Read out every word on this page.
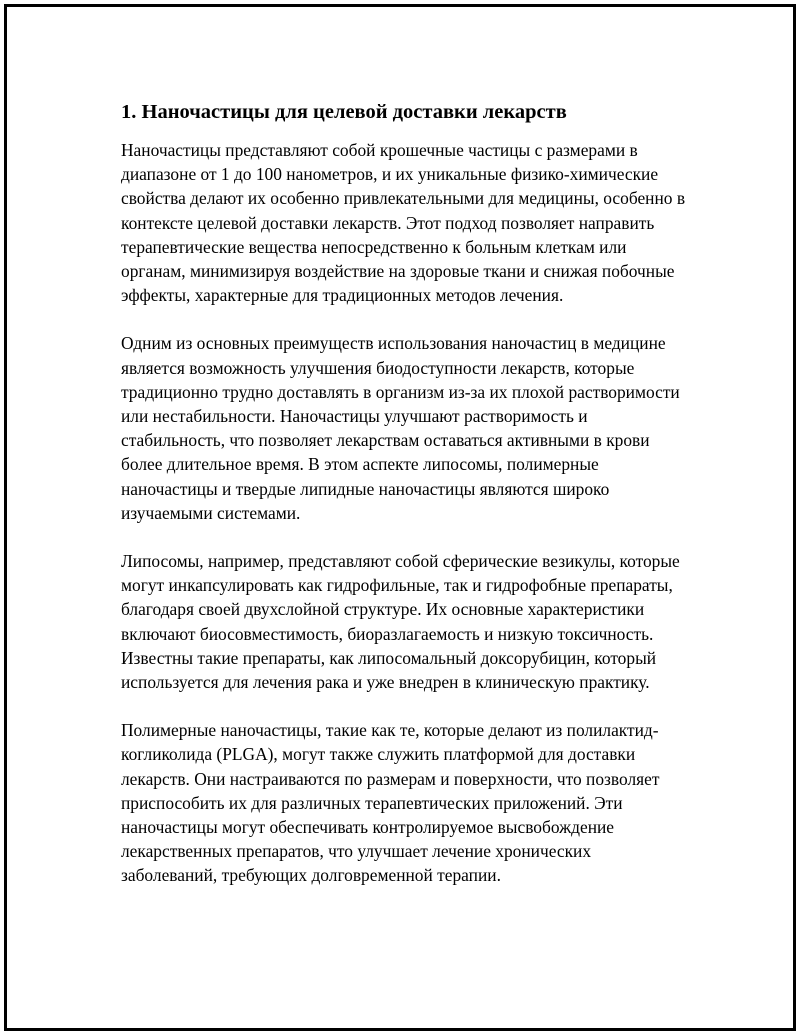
1. Наночастицы для целевой доставки лекарств

Наночастицы представляют собой крошечные частицы с размерами в диапазоне от 1 до 100 нанометров, и их уникальные физико-химические свойства делают их особенно привлекательными для медицины, особенно в контексте целевой доставки лекарств. Этот подход позволяет направить терапевтические вещества непосредственно к больным клеткам или органам, минимизируя воздействие на здоровые ткани и снижая побочные эффекты, характерные для традиционных методов лечения.

Одним из основных преимуществ использования наночастиц в медицине является возможность улучшения биодоступности лекарств, которые традиционно трудно доставлять в организм из-за их плохой растворимости или нестабильности. Наночастицы улучшают растворимость и стабильность, что позволяет лекарствам оставаться активными в крови более длительное время. В этом аспекте липосомы, полимерные наночастицы и твердые липидные наночастицы являются широко изучаемыми системами.

Липосомы, например, представляют собой сферические везикулы, которые могут инкапсулировать как гидрофильные, так и гидрофобные препараты, благодаря своей двухслойной структуре. Их основные характеристики включают биосовместимость, биоразлагаемость и низкую токсичность. Известны такие препараты, как липосомальный доксорубицин, который используется для лечения рака и уже внедрен в клиническую практику.

Полимерные наночастицы, такие как те, которые делают из полилактид-когликолида (PLGA), могут также служить платформой для доставки лекарств. Они настраиваются по размерам и поверхности, что позволяет приспособить их для различных терапевтических приложений. Эти наночастицы могут обеспечивать контролируемое высвобождение лекарственных препаратов, что улучшает лечение хронических заболеваний, требующих долговременной терапии.
